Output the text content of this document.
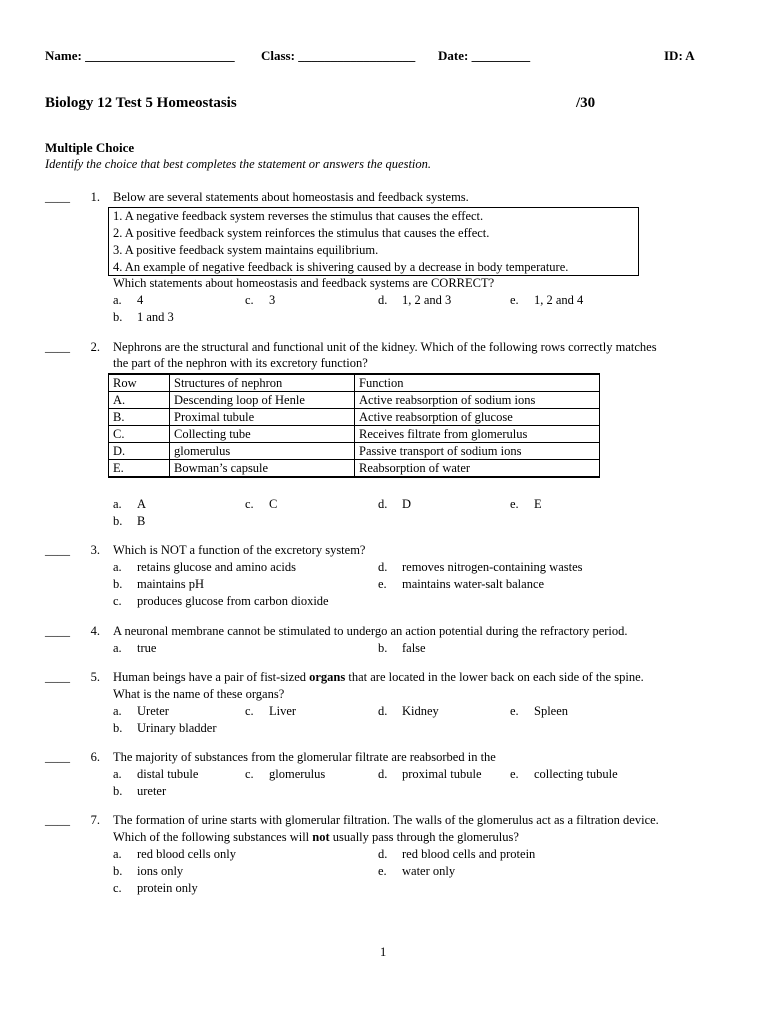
Name: _______________________ Class: __________________ Date: _________	ID: A
Biology 12 Test 5 Homeostasis	/30
Multiple Choice
Identify the choice that best completes the statement or answers the question.
____	1. Below are several statements about homeostasis and feedback systems.
1. A negative feedback system reverses the stimulus that causes the effect.
2. A positive feedback system reinforces the stimulus that causes the effect.
3. A positive feedback system maintains equilibrium.
4. An example of negative feedback is shivering caused by a decrease in body temperature.
Which statements about homeostasis and feedback systems are CORRECT?
a. 4
b. 1 and 3
c. 3	d. 1, 2 and 3	e. 1, 2 and 4
____	2. Nephrons are the structural and functional unit of the kidney. Which of the following rows correctly matches
the part of the nephron with its excretory function?
Row	Structures of nephron	Function
A.	Descending loop of Henle	Active reabsorption of sodium ions
B.	Proximal tubule	Active reabsorption of glucose
C.	Collecting tube	Receives filtrate from glomerulus
D.	glomerulus	Passive transport of sodium ions
E.	Bowman’s capsule	Reabsorption of water
a. A
b. B
c. C	d. D	e. E
____	3. Which is NOT a function of the excretory system?
a. retains glucose and amino acids
b. maintains pH
c. produces glucose from carbon dioxide
d. removes nitrogen-containing wastes
e. maintains water-salt balance
____	4. A neuronal membrane cannot be stimulated to undergo an action potential during the refractory period.
a. true	b. false
____	5. Human beings have a pair of fist-sized organs that are located in the lower back on each side of the spine.
What is the name of these organs?
a. Ureter
b. Urinary bladder
c. Liver	d. Kidney	e. Spleen
____	6. The majority of substances from the glomerular filtrate are reabsorbed in the
a. distal tubule
b. ureter
c. glomerulus	d. proximal tubule e. collecting tubule
____	7. The formation of urine starts with glomerular filtration. The walls of the glomerulus act as a filtration device.
Which of the following substances will not usually pass through the glomerulus?
a. red blood cells only
b. ions only
c. protein only
d. red blood cells and protein
e. water only
1
